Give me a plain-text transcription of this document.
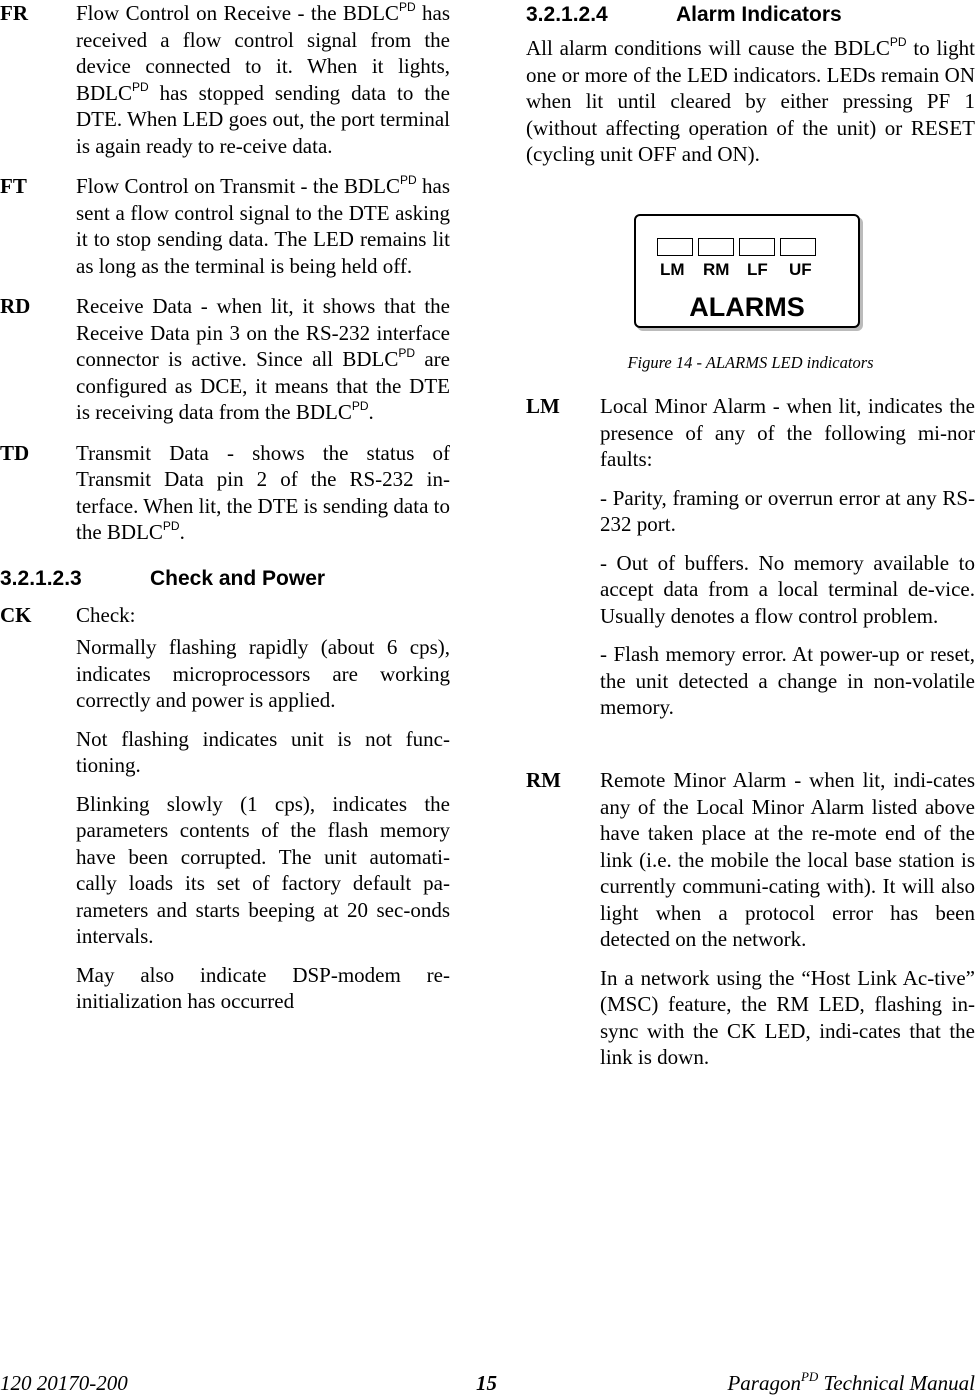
FR Flow Control on Receive - the $BDLC^{PD}$ has received a flow control signal from the device connected to it. When it lights, $BDLC^{PD}$ has stopped sending data to the DTE. When LED goes out, the port terminal is again ready to re-ceive data.

FT Flow Control on Transmit - the $BDLC^{PD}$ has sent a flow control signal to the DTE asking it to stop sending data. The LED remains lit as long as the terminal is being held off.

RD Receive Data - when lit, it shows that the Receive Data pin 3 on the RS-232 interface connector is active. Since all $BDLC^{PD}$ are configured as DCE, it means that the DTE is receiving data from the $BDLC^{PD}$.

TD Transmit Data - shows the status of Transmit Data pin 2 of the RS-232 in-terface. When lit, the DTE is sending data to the $BDLC^{PD}$.

3.2.1.2.3	Check and Power
CK Check:

Normally flashing rapidly (about 6 cps), indicates microprocessors are working correctly and power is applied.

Not flashing indicates unit is not func-tioning.

Blinking slowly (1 cps), indicates the parameters contents of the flash memory have been corrupted. The unit automati-cally loads its set of factory default pa-rameters and starts beeping at 20 sec-onds intervals.

May also indicate DSP-modem re-initialization has occurred

3.2.1.2.4	Alarm Indicators

All alarm conditions will cause the $BDLC^{PD}$ to light one or more of the LED indicators. LEDs remain ON when lit until cleared by either pressing PF 1 (without affecting operation of the unit) or RESET (cycling unit OFF and ON).

LM RM LF UF
ALARMS
Figure 14 - ALARMS LED indicators
LM Local Minor Alarm - when lit, indicates the presence of any of the following mi-nor faults:

- Parity, framing or overrun error at any RS-232 port.

- Out of buffers. No memory available to accept data from a local terminal de-vice. Usually denotes a flow control problem.

- Flash memory error. At power-up or reset, the unit detected a change in non-volatile memory.

RM Remote Minor Alarm - when lit, indi-cates any of the Local Minor Alarm listed above have taken place at the re-mote end of the link (i.e. the mobile the local base station is currently communi-cating with). It will also light when a protocol error has been detected on the network.

In a network using the “Host Link Ac-tive” (MSC) feature, the RM LED, flashing in-sync with the CK LED, indi-cates that the link is down.

120 20170-200	15	Paragon$^{PD}$ Technical Manual
